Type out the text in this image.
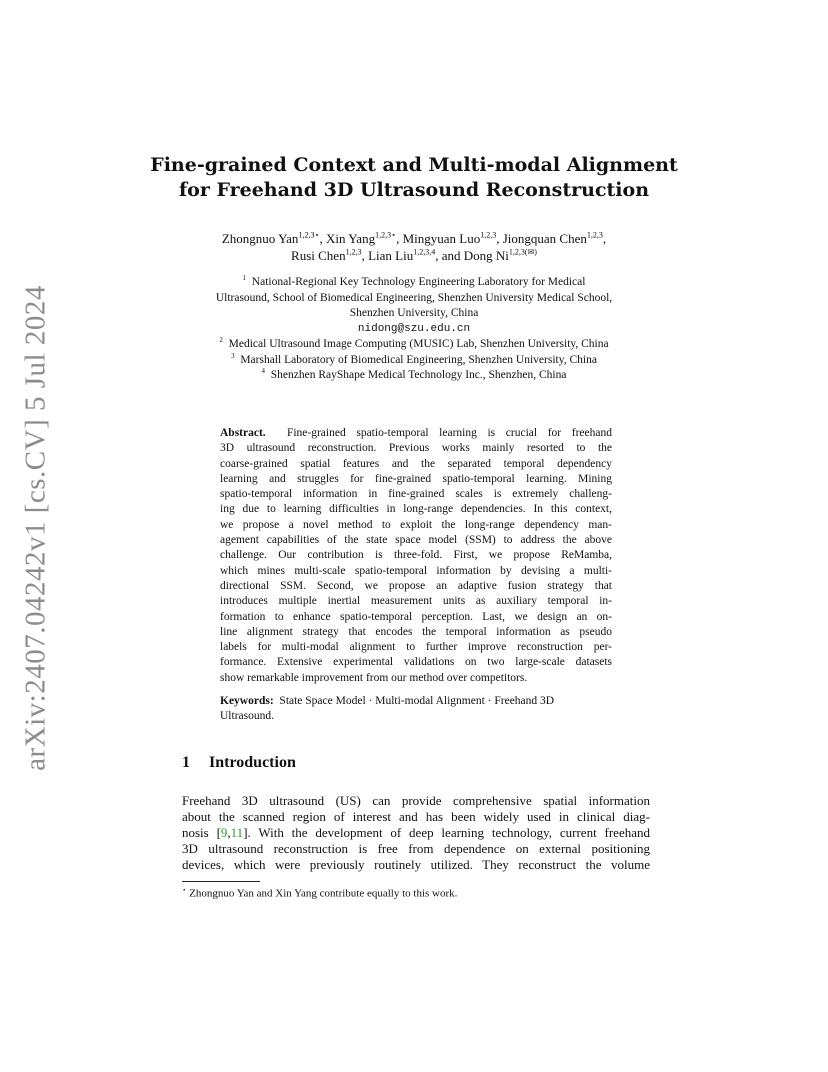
arXiv:2407.04242v1 [cs.CV] 5 Jul 2024
Fine-grained Context and Multi-modal Alignment
for Freehand 3D Ultrasound Reconstruction
Zhongnuo Yan$^{1,2,3⋆}$, Xin Yang$^{1,2,3⋆}$, Mingyuan Luo$^{1,2,3}$, Jiongquan Chen$^{1,2,3}$,
Rusi Chen$^{1,2,3}$, Lian Liu$^{1,2,3,4}$, and Dong $Ni^{1,2,3(✉)}$
$^1$ National-Regional Key Technology Engineering Laboratory for Medical
Ultrasound, School of Biomedical Engineering, Shenzhen University Medical School,
Shenzhen University, China
nidong@szu.edu.cn
$^2$ Medical Ultrasound Image Computing (MUSIC) Lab, Shenzhen University, China
$^3$ Marshall Laboratory of Biomedical Engineering, Shenzhen University, China
$^4$ Shenzhen RayShape Medical Technology Inc., Shenzhen, China
Abstract. Fine-grained spatio-temporal learning is crucial for freehand
3D ultrasound reconstruction. Previous works mainly resorted to the
coarse-grained spatial features and the separated temporal dependency
learning and struggles for fine-grained spatio-temporal learning. Mining
spatio-temporal information in fine-grained scales is extremely challeng-
ing due to learning difficulties in long-range dependencies. In this context,
we propose a novel method to exploit the long-range dependency man-
agement capabilities of the state space model (SSM) to address the above
challenge. Our contribution is three-fold. First, we propose ReMamba,
which mines multi-scale spatio-temporal information by devising a multi-
directional SSM. Second, we propose an adaptive fusion strategy that
introduces multiple inertial measurement units as auxiliary temporal in-
formation to enhance spatio-temporal perception. Last, we design an on-
line alignment strategy that encodes the temporal information as pseudo
labels for multi-modal alignment to further improve reconstruction per-
formance. Extensive experimental validations on two large-scale datasets
show remarkable improvement from our method over competitors.
Keywords: State Space Model · Multi-modal Alignment · Freehand 3D
Ultrasound.
1 Introduction
Freehand 3D ultrasound (US) can provide comprehensive spatial information
about the scanned region of interest and has been widely used in clinical diag-
nosis [9,11]. With the development of deep learning technology, current freehand
3D ultrasound reconstruction is free from dependence on external positioning
devices, which were previously routinely utilized. They reconstruct the volume
⋆ Zhongnuo Yan and Xin Yang contribute equally to this work.
